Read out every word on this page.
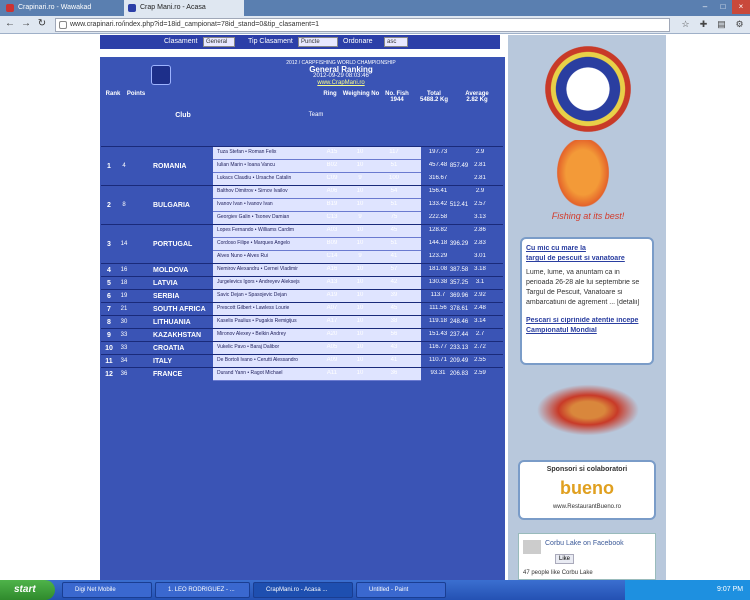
Crapinari.ro - Wawakad	Crap Mani.ro - Acasa	–	□	×
← → ↻	www.crapinari.ro/index.php?id=18id_campionat=78id_stand=0&tip_clasament=1	☆ ✚ ▤ ⚙
Clasament	General	Tip Clasament	Puncte	Ordonare	asc
2012 / CARPFISHING WORLD CHAMPIONSHIP
General Ranking
2012-09-29 08:03:46
www.CrapMani.ro
Club	Team
Rank	Points	Ring	Weighing No No. Fish
1944
Total
5488.2 Kg
Average
2.82 Kg
1	4	ROMANIA	857.49
Tuza Stefan • Roman Felix	A15	10	117	197.73	2.9
Iulian Marin • Ioana Vancu	B02	10	51	457.48	2.81
Lukacs Claudiu • Ursache Catalin	C09	9	100	316.67	2.81
2	8	BULGARIA	512.41
Balthov Dimitrov • Sirnov Ivailov	A06	10	54	156.41	2.9
Ivanov Ivan • Ivanov Ivan	B19	10	51	133.42	2.57
Georgiev Galin • Tsonev Damian	C13	9	75	222.58	3.13
3	14	PORTUGAL	396.29
Lopes Fernando • Williams Cardim	A03	10	45	128.82	2.86
Cordoso Filipe • Marques Angelo	B09	10	51	144.18	2.83
Alves Nuno • Alves Rui	C14	9	41	123.29	3.01
4	16	MOLDOVA	387.58
Nemirov Alexandru • Cernei Vladimir	A16	10	57	181.08	3.18
5	18	LATVIA	357.25
Jurgelevics Igors • Andreyev Aleksejs	A13	10	42	130.38	3.1
6	19	SERBIA	369.96
Savic Dejan • Spasojevic Dejan	A19	10	39	113.7	2.92
7	21	SOUTH AFRICA	378.61
Prescott Gilbert • Lawless Lourie	A07	10	45	111.56	2.48
8	30	LITHUANIA	248.46
Kaselis Paulius • Pugakis Remigijus	A17	10	38	119.18	3.14
9	33	KAZAKHSTAN	237.44
Mironov Alexey • Belkin Andrey	A20	10	56	151.43	2.7
10	33	CROATIA	233.13
Vukelic Pavo • Baraj Dalibor	A05	10	43	116.77	2.72
11	34	ITALY	209.49
De Bortoli Ivano • Cerutti Alessandro	A09	10	41	110.71	2.55
12	36	FRANCE	206.83
Durand Yann • Ragot Michael	A11	10	36	93.31	2.59
Fishing at its best!
Cu mic cu mare la
targul de pescuit si vanatoare
Lume, lume, va anuntam ca in
perioada 26-28 ale lui septembrie se
Targul de Pescuit, Vanatoare si
ambarcatiuni de agrement ... [detalii]
Pescari si ciprinide atentie incepe
Campionatul Mondial
Sponsori si colaboratori
bueno
www.RestaurantBueno.ro
Corbu Lake on Facebook
Like
47 people like Corbu Lake
start	Digi Net Mobile	1. LEO RODRIGUEZ - ...	CrapMani.ro - Acasa ...	Untitled - Paint	9:07 PM
